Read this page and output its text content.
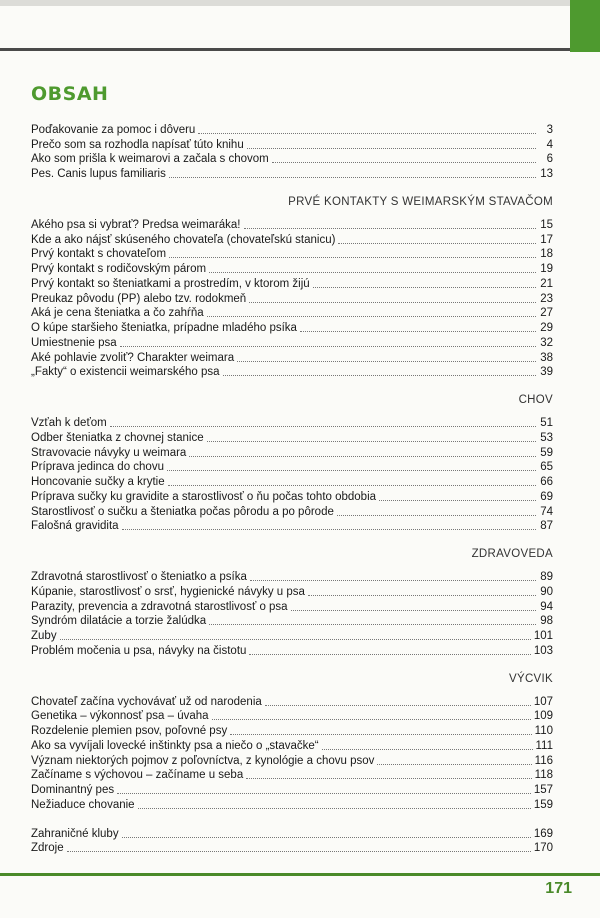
OBSAH
Poďakovanie za pomoc i dôveru	3
Prečo som sa rozhodla napísať túto knihu	4
Ako som prišla k weimarovi a začala s chovom	6
Pes. Canis lupus familiaris	13
PRVÉ KONTAKTY S WEIMARSKÝM STAVAČOM
Akého psa si vybrať? Predsa weimaráka!	15
Kde a ako nájsť skúseného chovateľa (chovateľskú stanicu)	17
Prvý kontakt s chovateľom	18
Prvý kontakt s rodičovským párom	19
Prvý kontakt so šteniatkami a prostredím, v ktorom žijú	21
Preukaz pôvodu (PP) alebo tzv. rodokmeň	23
Aká je cena šteniatka a čo zahŕňa	27
O kúpe staršieho šteniatka, prípadne mladého psíka	29
Umiestnenie psa	32
Aké pohlavie zvoliť? Charakter weimara	38
„Fakty“ o existencii weimarského psa	39
CHOV
Vzťah k deťom	51
Odber šteniatka z chovnej stanice	53
Stravovacie návyky u weimara	59
Príprava jedinca do chovu	65
Honcovanie sučky a krytie	66
Príprava sučky ku gravidite a starostlivosť o ňu počas tohto obdobia	69
Starostlivosť o sučku a šteniatka počas pôrodu a po pôrode	74
Falošná gravidita	87
ZDRAVOVEDA
Zdravotná starostlivosť o šteniatko a psíka	89
Kúpanie, starostlivosť o srsť, hygienické návyky u psa	90
Parazity, prevencia a zdravotná starostlivosť o psa	94
Syndróm dilatácie a torzie žalúdka	98
Zuby	101
Problém močenia u psa, návyky na čistotu	103
VÝCVIK
Chovateľ začína vychovávať už od narodenia	107
Genetika – výkonnosť psa – úvaha	109
Rozdelenie plemien psov, poľovné psy	110
Ako sa vyvíjali lovecké inštinkty psa a niečo o „stavačke“	111
Význam niektorých pojmov z poľovníctva, z kynológie a chovu psov	116
Začíname s výchovou – začíname u seba	118
Dominantný pes	157
Nežiaduce chovanie	159
Zahraničné kluby	169
Zdroje	170
171
